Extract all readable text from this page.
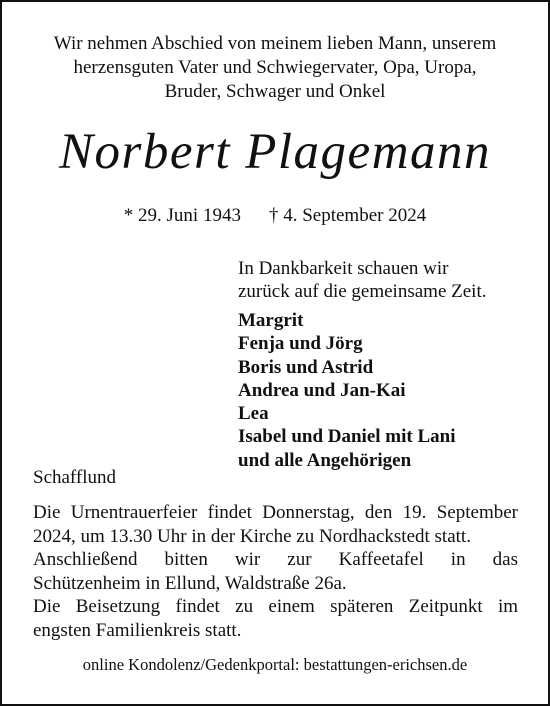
Wir nehmen Abschied von meinem lieben Mann, unserem
herzensguten Vater und Schwiegervater, Opa, Uropa,
Bruder, Schwager und Onkel
Norbert Plagemann
* 29. Juni 1943 † 4. September 2024
In Dankbarkeit schauen wir
zurück auf die gemeinsame Zeit.
Margrit
Fenja und Jörg
Boris und Astrid
Andrea und Jan-Kai
Lea
Isabel und Daniel mit Lani
und alle Angehörigen
Schafflund
Die Urnentrauerfeier findet Donnerstag, den 19. September
2024, um 13.30 Uhr in der Kirche zu Nordhackstedt statt.
Anschließend bitten wir zur Kaffeetafel in das
Schützenheim in Ellund, Waldstraße 26a.
Die Beisetzung findet zu einem späteren Zeitpunkt im
engsten Familienkreis statt.
online Kondolenz/Gedenkportal: bestattungen-erichsen.de
